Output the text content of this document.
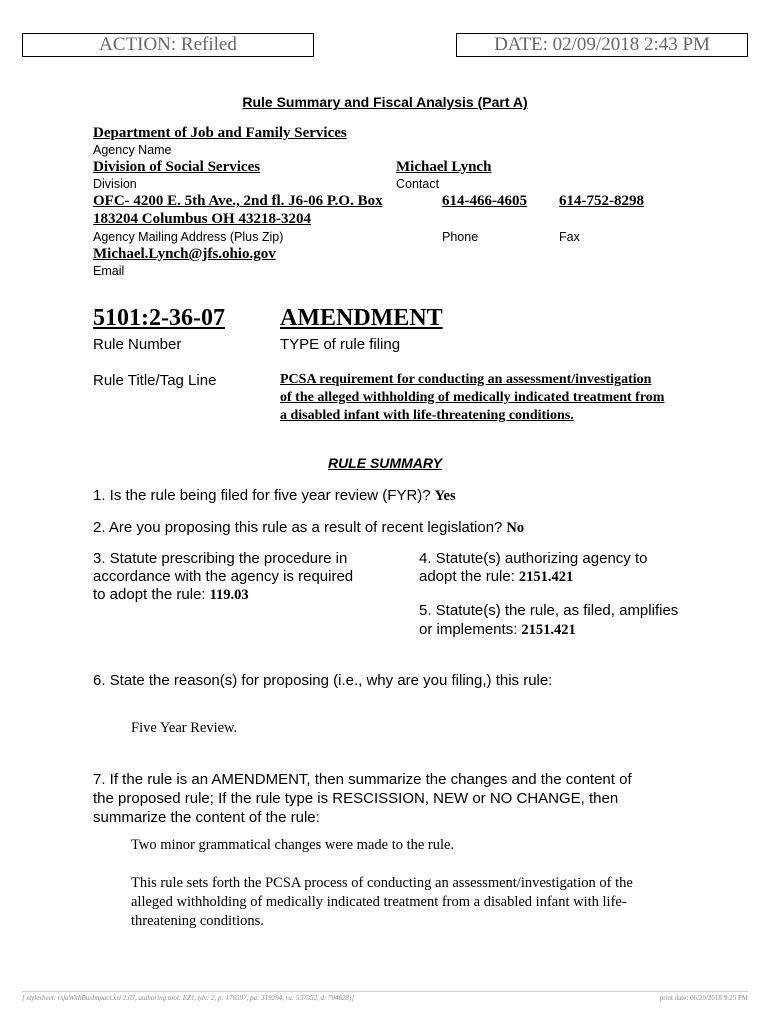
ACTION: Refiled	DATE: 02/09/2018 2:43 PM
Rule Summary and Fiscal Analysis (Part A)
Department of Job and Family Services
Agency Name
Division of Social Services	Michael Lynch
Division	Contact
OFC- 4200 E. 5th Ave., 2nd fl. J6-06 P.O. Box	614-466-4605 614-752-8298
183204 Columbus OH 43218-3204
Agency Mailing Address (Plus Zip)	Phone	Fax
Michael.Lynch@jfs.ohio.gov
Email
5101:2-36-07 AMENDMENT
Rule Number	TYPE of rule filing
Rule Title/Tag Line	PCSA requirement for conducting an assessment/investigation
of the alleged withholding of medically indicated treatment from
a disabled infant with life-threatening conditions.
RULE SUMMARY
1. Is the rule being filed for five year review (FYR)? Yes
2. Are you proposing this rule as a result of recent legislation? No
3. Statute prescribing the procedure in
accordance with the agency is required
to adopt the rule: 119.03
4. Statute(s) authorizing agency to
adopt the rule: 2151.421
5. Statute(s) the rule, as filed, amplifies
or implements: 2151.421
6. State the reason(s) for proposing (i.e., why are you filing,) this rule:
Five Year Review.
7. If the rule is an AMENDMENT, then summarize the changes and the content of
the proposed rule; If the rule type is RESCISSION, NEW or NO CHANGE, then
summarize the content of the rule:
Two minor grammatical changes were made to the rule.
This rule sets forth the PCSA process of conducting an assessment/investigation of the
alleged withholding of medically indicated treatment from a disabled infant with life-
threatening conditions.
[ stylesheet: rsfaWithBusImpact.xsl 2.07, authoring tool: EZ1, (dv: 2, p: 176597, pa: 319294, ra: 537352, d: 704628)]	print date: 06/29/2018 9:25 PM
